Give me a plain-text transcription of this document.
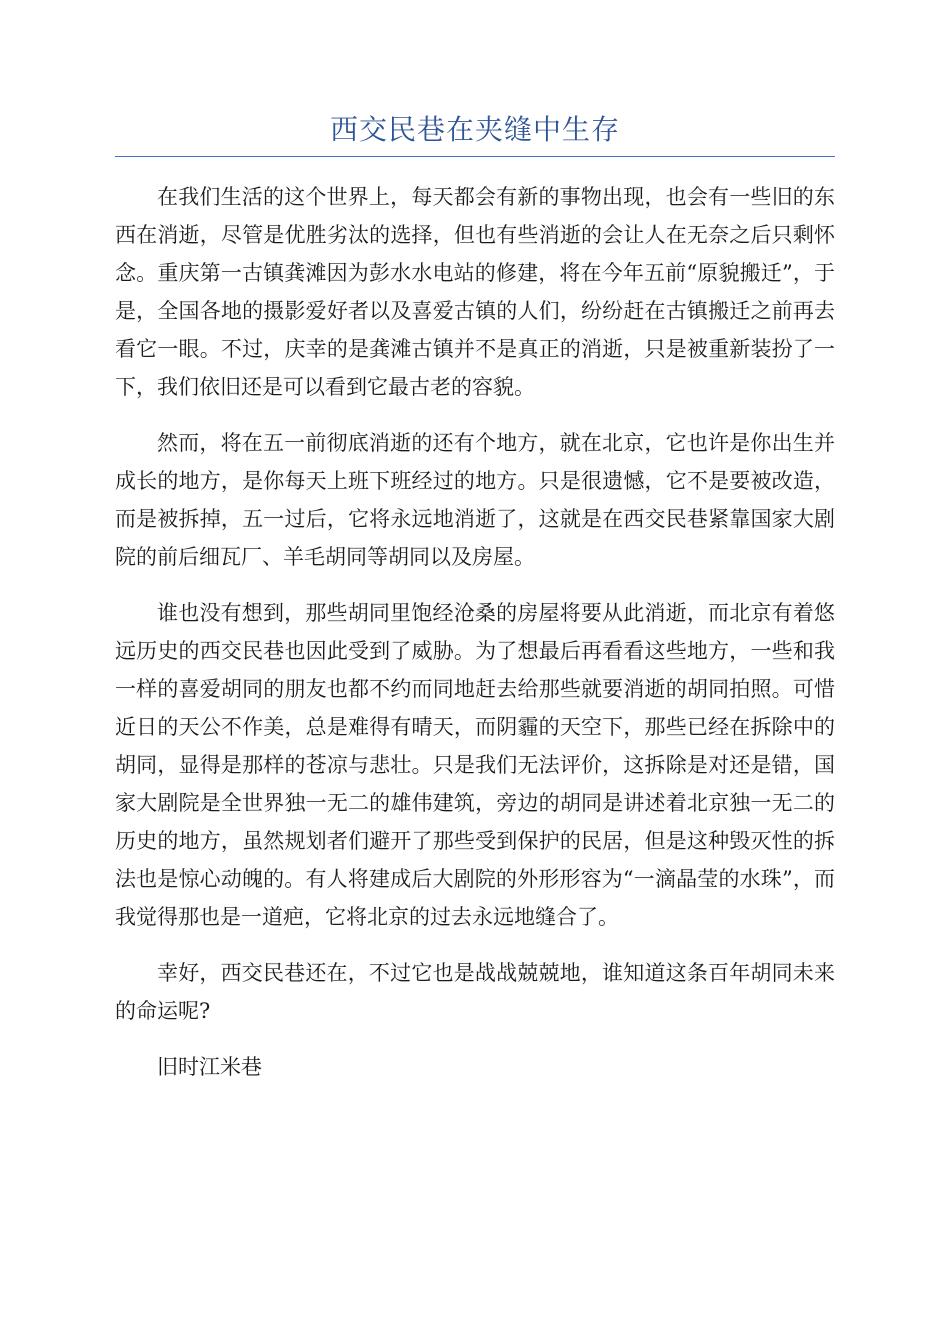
西交民巷在夹缝中生存

在我们生活的这个世界上，每天都会有新的事物出现，也会有一些旧的东西在消逝，尽管是优胜劣汰的选择，但也有些消逝的会让人在无奈之后只剩怀念。重庆第一古镇龚滩因为彭水水电站的修建，将在今年五前“原貌搬迁”，于是，全国各地的摄影爱好者以及喜爱古镇的人们，纷纷赶在古镇搬迁之前再去看它一眼。不过，庆幸的是龚滩古镇并不是真正的消逝，只是被重新装扮了一下，我们依旧还是可以看到它最古老的容貌。

然而，将在五一前彻底消逝的还有个地方，就在北京，它也许是你出生并成长的地方，是你每天上班下班经过的地方。只是很遗憾，它不是要被改造，而是被拆掉，五一过后，它将永远地消逝了，这就是在西交民巷紧靠国家大剧院的前后细瓦厂、羊毛胡同等胡同以及房屋。

谁也没有想到，那些胡同里饱经沧桑的房屋将要从此消逝，而北京有着悠远历史的西交民巷也因此受到了威胁。为了想最后再看看这些地方，一些和我一样的喜爱胡同的朋友也都不约而同地赶去给那些就要消逝的胡同拍照。可惜近日的天公不作美，总是难得有晴天，而阴霾的天空下，那些已经在拆除中的胡同，显得是那样的苍凉与悲壮。只是我们无法评价，这拆除是对还是错，国家大剧院是全世界独一无二的雄伟建筑，旁边的胡同是讲述着北京独一无二的历史的地方，虽然规划者们避开了那些受到保护的民居，但是这种毁灭性的拆法也是惊心动魄的。有人将建成后大剧院的外形形容为“一滴晶莹的水珠”，而我觉得那也是一道疤，它将北京的过去永远地缝合了。

幸好，西交民巷还在，不过它也是战战兢兢地，谁知道这条百年胡同未来的命运呢?

旧时江米巷
